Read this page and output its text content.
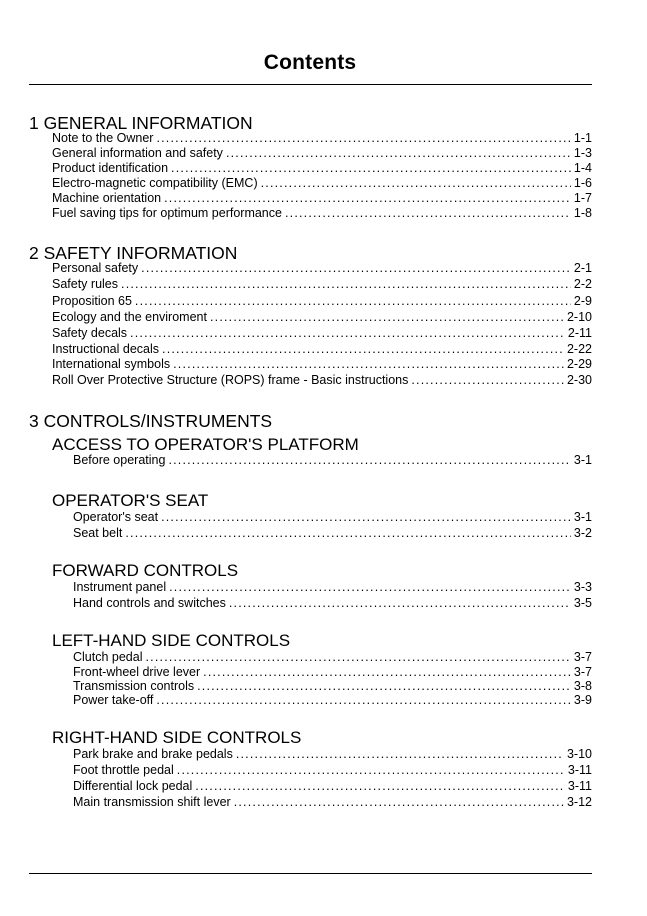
Contents
1 GENERAL INFORMATION
Note to the Owner .....	1-1
General information and safety .....	1-3
Product identification .....	1-4
Electro-magnetic compatibility (EMC) .....	1-6
Machine orientation .....	1-7
Fuel saving tips for optimum performance .....	1-8
2 SAFETY INFORMATION
Personal safety .....	2-1
Safety rules .....	2-2
Proposition 65 .....	2-9
Ecology and the enviroment .....	2-10
Safety decals .....	2-11
Instructional decals .....	2-22
International symbols .....	2-29
Roll Over Protective Structure (ROPS) frame - Basic instructions .....	2-30
3 CONTROLS/INSTRUMENTS
ACCESS TO OPERATOR'S PLATFORM
Before operating .....	3-1
OPERATOR'S SEAT
Operator's seat .....	3-1
Seat belt .....	3-2
FORWARD CONTROLS
Instrument panel .....	3-3
Hand controls and switches .....	3-5
LEFT-HAND SIDE CONTROLS
Clutch pedal .....	3-7
Front-wheel drive lever .....	3-7
Transmission controls .....	3-8
Power take-off .....	3-9
RIGHT-HAND SIDE CONTROLS
Park brake and brake pedals .....	3-10
Foot throttle pedal .....	3-11
Differential lock pedal .....	3-11
Main transmission shift lever .....	3-12
